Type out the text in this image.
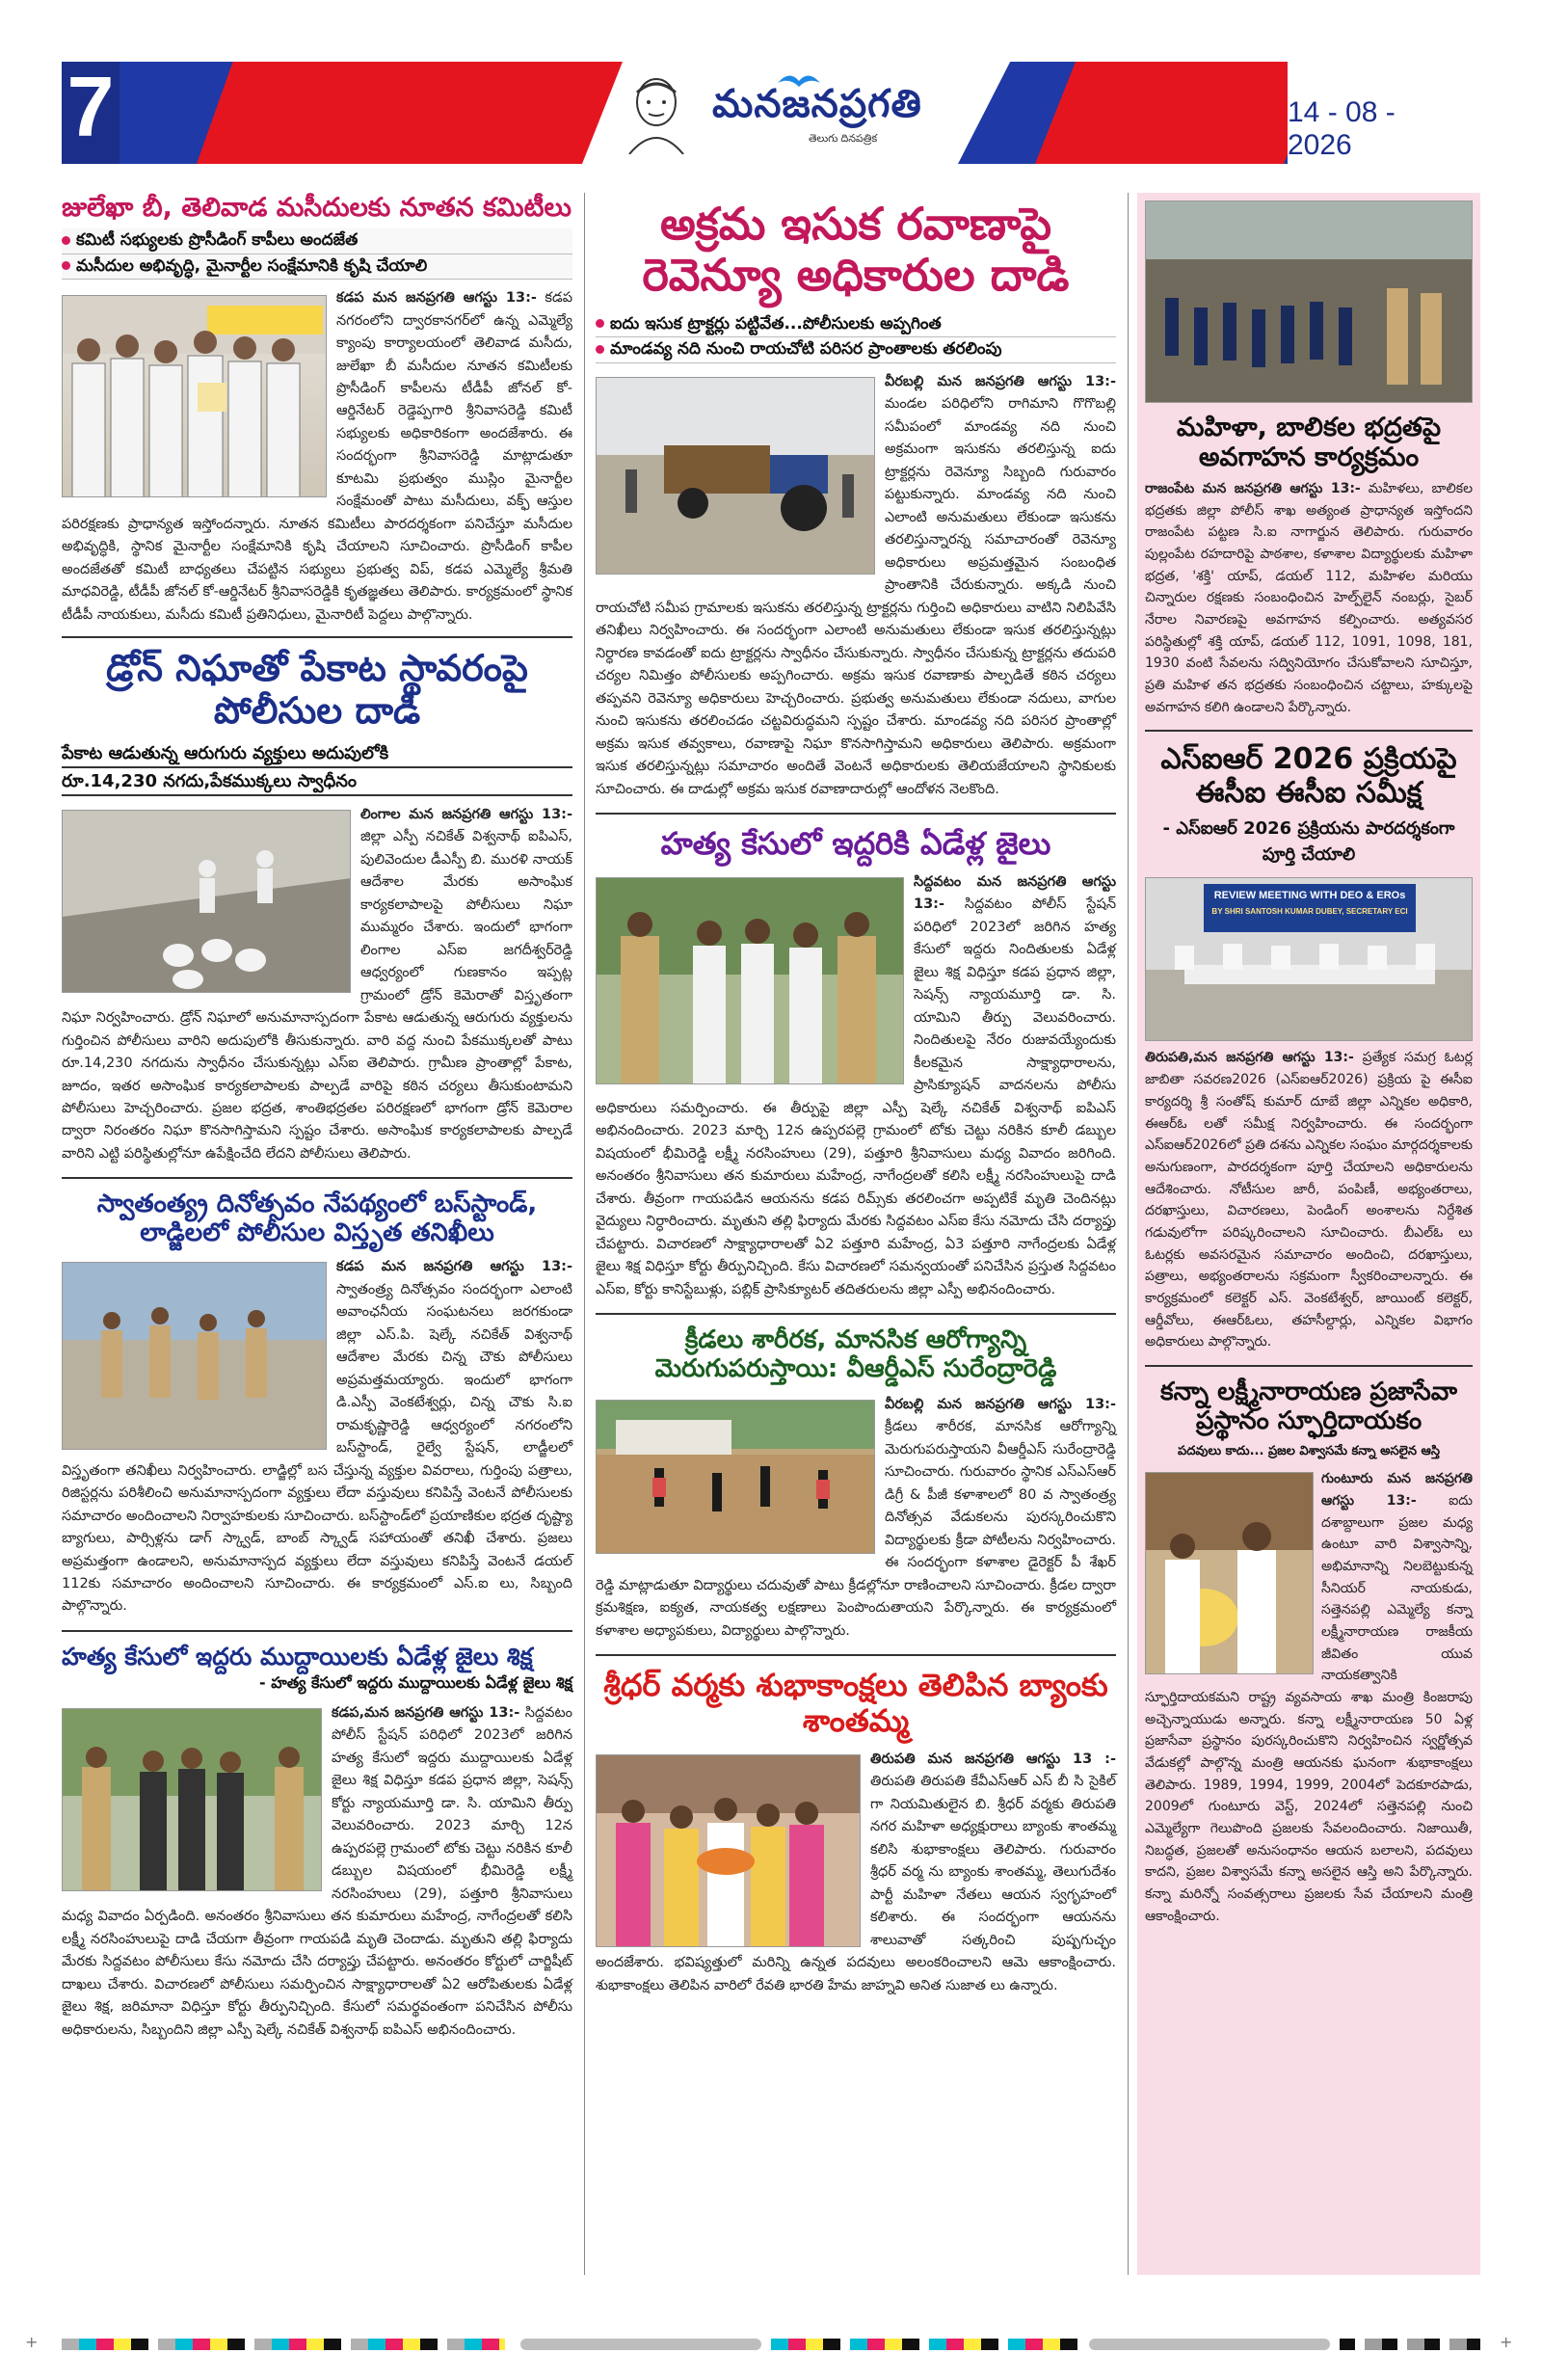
7	మనజనప్రగతి
తెలుగు దినపత్రిక
14 - 08 - 2026
జులేఖా బీ, తెలివాడ మసీదులకు నూతన కమిటీలు
కమిటీ సభ్యులకు ప్రొసీడింగ్ కాపీలు అందజేత
మసీదుల అభివృద్ధి, మైనార్టీల సంక్షేమానికి కృషి చేయాలి
కడప మన జనప్రగతి ఆగస్టు 13:- కడప నగరంలోని ద్వారకానగర్‌లో ఉన్న ఎమ్మెల్యే క్యాంపు కార్యాలయంలో తెలివాడ మసీదు, జులేఖా బీ మసీదుల నూతన కమిటీలకు ప్రొసీడింగ్ కాపీలను టీడీపీ జోనల్ కో-ఆర్డినేటర్ రెడ్డెప్పగారి శ్రీనివాసరెడ్డి కమిటీ సభ్యులకు అధికారికంగా అందజేశారు. ఈ సందర్భంగా శ్రీనివాసరెడ్డి మాట్లాడుతూ కూటమి ప్రభుత్వం ముస్లిం మైనార్టీల సంక్షేమంతో పాటు మసీదులు, వక్ఫ్ ఆస్తుల పరిరక్షణకు ప్రాధాన్యత ఇస్తోందన్నారు. నూతన కమిటీలు పారదర్శకంగా పనిచేస్తూ మసీదుల అభివృద్ధికి, స్థానిక మైనార్టీల సంక్షేమానికి కృషి చేయాలని సూచించారు. ప్రొసీడింగ్ కాపీల అందజేతతో కమిటీ బాధ్యతలు చేపట్టిన సభ్యులు ప్రభుత్వ విప్, కడప ఎమ్మెల్యే శ్రీమతి మాధవిరెడ్డి, టీడీపీ జోనల్ కో-ఆర్డినేటర్ శ్రీనివాసరెడ్డికి కృతజ్ఞతలు తెలిపారు. కార్యక్రమంలో స్థానిక టీడీపీ నాయకులు, మసీదు కమిటీ ప్రతినిధులు, మైనారిటీ పెద్దలు పాల్గొన్నారు.
డ్రోన్ నిఘాతో పేకాట స్థావరంపై పోలీసుల దాడి
పేకాట ఆడుతున్న ఆరుగురు వ్యక్తులు అదుపులోకి
రూ.14,230 నగదు,పేకముక్కలు స్వాధీనం
లింగాల మన జనప్రగతి ఆగస్టు 13:- జిల్లా ఎస్పీ నచికేత్ విశ్వనాథ్ ఐపిఎస్, పులివెందుల డీఎస్పీ బి. మురళి నాయక్ ఆదేశాల మేరకు అసాంఘిక కార్యకలాపాలపై పోలీసులు నిఘా ముమ్మరం చేశారు. ఇందులో భాగంగా లింగాల ఎస్ఐ జగదీశ్వర్‌రెడ్డి ఆధ్వర్యంలో గుణకానం ఇప్పట్ల గ్రామంలో డ్రోన్ కెమెరాతో విస్తృతంగా నిఘా నిర్వహించారు. డ్రోన్ నిఘాలో అనుమానాస్పదంగా పేకాట ఆడుతున్న ఆరుగురు వ్యక్తులను గుర్తించిన పోలీసులు వారిని అదుపులోకి తీసుకున్నారు. వారి వద్ద నుంచి పేకముక్కలతో పాటు రూ.14,230 నగదును స్వాధీనం చేసుకున్నట్లు ఎస్ఐ తెలిపారు. గ్రామీణ ప్రాంతాల్లో పేకాట, జూదం, ఇతర అసాంఘిక కార్యకలాపాలకు పాల్పడే వారిపై కఠిన చర్యలు తీసుకుంటామని పోలీసులు హెచ్చరించారు. ప్రజల భద్రత, శాంతిభద్రతల పరిరక్షణలో భాగంగా డ్రోన్ కెమెరాల ద్వారా నిరంతరం నిఘా కొనసాగిస్తామని స్పష్టం చేశారు. అసాంఘిక కార్యకలాపాలకు పాల్పడే వారిని ఎట్టి పరిస్థితుల్లోనూ ఉపేక్షించేది లేదని పోలీసులు తెలిపారు.
స్వాతంత్య్ర దినోత్సవం నేపథ్యంలో బస్‌స్టాండ్, లాడ్జిలలో పోలీసుల విస్తృత తనిఖీలు
కడప మన జనప్రగతి ఆగస్టు 13:- స్వాతంత్ర్య దినోత్సవం సందర్భంగా ఎలాంటి అవాంఛనీయ సంఘటనలు జరగకుండా జిల్లా ఎస్.పి. షెల్కే నచికేత్ విశ్వనాథ్ ఆదేశాల మేరకు చిన్న చౌకు పోలీసులు అప్రమత్తమయ్యారు. ఇందులో భాగంగా డి.ఎస్పీ వెంకటేశ్వర్లు, చిన్న చౌకు సి.ఐ రామకృష్ణారెడ్డి ఆధ్వర్యంలో నగరంలోని బస్‌స్టాండ్, రైల్వే స్టేషన్, లాడ్జీలలో విస్తృతంగా తనిఖీలు నిర్వహించారు. లాడ్జిల్లో బస చేస్తున్న వ్యక్తుల వివరాలు, గుర్తింపు పత్రాలు, రిజిస్టర్లను పరిశీలించి అనుమానాస్పదంగా వ్యక్తులు లేదా వస్తువులు కనిపిస్తే వెంటనే పోలీసులకు సమాచారం అందించాలని నిర్వాహకులకు సూచించారు. బస్‌స్టాండ్‌లో ప్రయాణికుల భద్రత దృష్ట్యా బ్యాగులు, పార్సిళ్లను డాగ్ స్క్వాడ్, బాంబ్ స్క్వాడ్ సహాయంతో తనిఖీ చేశారు. ప్రజలు అప్రమత్తంగా ఉండాలని, అనుమానాస్పద వ్యక్తులు లేదా వస్తువులు కనిపిస్తే వెంటనే డయల్ 112కు సమాచారం అందించాలని సూచించారు. ఈ కార్యక్రమంలో ఎస్.ఐ లు, సిబ్బంది పాల్గొన్నారు.
హత్య కేసులో ఇద్దరు ముద్దాయిలకు ఏడేళ్ల జైలు శిక్ష
- హత్య కేసులో ఇద్దరు ముద్దాయిలకు ఏడేళ్ల జైలు శిక్ష
కడప,మన జనప్రగతి ఆగస్టు 13:- సిద్దవటం పోలీస్ స్టేషన్ పరిధిలో 2023లో జరిగిన హత్య కేసులో ఇద్దరు ముద్దాయిలకు ఏడేళ్ల జైలు శిక్ష విధిస్తూ కడప ప్రధాన జిల్లా, సెషన్స్ కోర్టు న్యాయమూర్తి డా. సి. యామిని తీర్పు వెలువరించారు. 2023 మార్చి 12న ఉప్పరపల్లె గ్రామంలో టోకు చెట్టు నరికిన కూలీ డబ్బుల విషయంలో భీమిరెడ్డి లక్ష్మీ నరసింహులు (29), పత్తూరి శ్రీనివాసులు మధ్య వివాదం ఏర్పడింది. అనంతరం శ్రీనివాసులు తన కుమారులు మహేంద్ర, నాగేంద్రలతో కలిసి లక్ష్మీ నరసింహులుపై దాడి చేయగా తీవ్రంగా గాయపడి మృతి చెందాడు. మృతుని తల్లి ఫిర్యాదు మేరకు సిద్దవటం పోలీసులు కేసు నమోదు చేసి దర్యాప్తు చేపట్టారు. అనంతరం కోర్టులో చార్జిషీట్ దాఖలు చేశారు. విచారణలో పోలీసులు సమర్పించిన సాక్ష్యాధారాలతో ఏ2 ఆరోపితులకు ఏడేళ్ల జైలు శిక్ష, జరిమానా విధిస్తూ కోర్టు తీర్పునిచ్చింది. కేసులో సమర్థవంతంగా పనిచేసిన పోలీసు అధికారులను, సిబ్బందిని జిల్లా ఎస్పీ షెల్కే నచికేత్ విశ్వనాథ్ ఐపిఎస్ అభినందించారు.
అక్రమ ఇసుక రవాణాపై రెవెన్యూ అధికారుల దాడి
ఐదు ఇసుక ట్రాక్టర్లు పట్టివేత...పోలీసులకు అప్పగింత
మాండవ్య నది నుంచి రాయచోటి పరిసర ప్రాంతాలకు తరలింపు
వీరబల్లి మన జనప్రగతి ఆగస్టు 13:- మండల పరిధిలోని రాగిమాని గొగొబల్లి సమీపంలో మాండవ్య నది నుంచి అక్రమంగా ఇసుకను తరలిస్తున్న ఐదు ట్రాక్టర్లను రెవెన్యూ సిబ్బంది గురువారం పట్టుకున్నారు. మాండవ్య నది నుంచి ఎలాంటి అనుమతులు లేకుండా ఇసుకను తరలిస్తున్నారన్న సమాచారంతో రెవెన్యూ అధికారులు అప్రమత్తమైన సంబంధిత ప్రాంతానికి చేరుకున్నారు. అక్కడి నుంచి రాయచోటి సమీప గ్రామాలకు ఇసుకను తరలిస్తున్న ట్రాక్టర్లను గుర్తించి అధికారులు వాటిని నిలిపివేసి తనిఖీలు నిర్వహించారు. ఈ సందర్భంగా ఎలాంటి అనుమతులు లేకుండా ఇసుక తరలిస్తున్నట్లు నిర్ధారణ కావడంతో ఐదు ట్రాక్టర్లను స్వాధీనం చేసుకున్నారు. స్వాధీనం చేసుకున్న ట్రాక్టర్లను తదుపరి చర్యల నిమిత్తం పోలీసులకు అప్పగించారు. అక్రమ ఇసుక రవాణాకు పాల్పడితే కఠిన చర్యలు తప్పవని రెవెన్యూ అధికారులు హెచ్చరించారు. ప్రభుత్వ అనుమతులు లేకుండా నదులు, వాగుల నుంచి ఇసుకను తరలించడం చట్టవిరుద్ధమని స్పష్టం చేశారు. మాండవ్య నది పరిసర ప్రాంతాల్లో అక్రమ ఇసుక తవ్వకాలు, రవాణాపై నిఘా కొనసాగిస్తామని అధికారులు తెలిపారు. అక్రమంగా ఇసుక తరలిస్తున్నట్లు సమాచారం అందితే వెంటనే అధికారులకు తెలియజేయాలని స్థానికులకు సూచించారు. ఈ దాడుల్లో అక్రమ ఇసుక రవాణాదారుల్లో ఆందోళన నెలకొంది.
హత్య కేసులో ఇద్దరికి ఏడేళ్ల జైలు
సిద్దవటం మన జనప్రగతి ఆగస్టు 13:- సిద్దవటం పోలీస్ స్టేషన్ పరిధిలో 2023లో జరిగిన హత్య కేసులో ఇద్దరు నిందితులకు ఏడేళ్ల జైలు శిక్ష విధిస్తూ కడప ప్రధాన జిల్లా, సెషన్స్ న్యాయమూర్తి డా. సి. యామిని తీర్పు వెలువరించారు. నిందితులపై నేరం రుజువయ్యేందుకు కీలకమైన సాక్ష్యాధారాలను, ప్రాసిక్యూషన్ వాదనలను పోలీసు అధికారులు సమర్పించారు. ఈ తీర్పుపై జిల్లా ఎస్పీ షెల్కే నచికేత్ విశ్వనాథ్ ఐపిఎస్ అభినందించారు. 2023 మార్చి 12న ఉప్పరపల్లె గ్రామంలో టోకు చెట్టు నరికిన కూలీ డబ్బుల విషయంలో భీమిరెడ్డి లక్ష్మీ నరసింహులు (29), పత్తూరి శ్రీనివాసులు మధ్య వివాదం జరిగింది. అనంతరం శ్రీనివాసులు తన కుమారులు మహేంద్ర, నాగేంద్రలతో కలిసి లక్ష్మీ నరసింహులుపై దాడి చేశారు. తీవ్రంగా గాయపడిన ఆయనను కడప రిమ్స్‌కు తరలించగా అప్పటికే మృతి చెందినట్లు వైద్యులు నిర్ధారించారు. మృతుని తల్లి ఫిర్యాదు మేరకు సిద్దవటం ఎస్ఐ కేసు నమోదు చేసి దర్యాప్తు చేపట్టారు. విచారణలో సాక్ష్యాధారాలతో ఏ2 పత్తూరి మహేంద్ర, ఏ3 పత్తూరి నాగేంద్రలకు ఏడేళ్ల జైలు శిక్ష విధిస్తూ కోర్టు తీర్పునిచ్చింది. కేసు విచారణలో సమన్వయంతో పనిచేసిన ప్రస్తుత సిద్దవటం ఎస్ఐ, కోర్టు కానిస్టేబుళ్లు, పబ్లిక్ ప్రాసిక్యూటర్ తదితరులను జిల్లా ఎస్పీ అభినందించారు.
క్రీడలు శారీరక, మానసిక ఆరోగ్యాన్ని మెరుగుపరుస్తాయి: వీఆర్డీఎస్ సురేంద్రారెడ్డి
వీరబల్లి మన జనప్రగతి ఆగస్టు 13:- క్రీడలు శారీరక, మానసిక ఆరోగ్యాన్ని మెరుగుపరుస్తాయని వీఆర్డీఎస్ సురేంద్రారెడ్డి సూచించారు. గురువారం స్థానిక ఎస్ఎస్ఆర్ డిగ్రీ & పీజీ కళాశాలలో 80 వ స్వాతంత్ర్య దినోత్సవ వేడుకలను పురస్కరించుకొని విద్యార్థులకు క్రీడా పోటీలను నిర్వహించారు. ఈ సందర్భంగా కళాశాల డైరెక్టర్ పీ శేఖర్ రెడ్డి మాట్లాడుతూ విద్యార్థులు చదువుతో పాటు క్రీడల్లోనూ రాణించాలని సూచించారు. క్రీడల ద్వారా క్రమశిక్షణ, ఐక్యత, నాయకత్వ లక్షణాలు పెంపొందుతాయని పేర్కొన్నారు. ఈ కార్యక్రమంలో కళాశాల అధ్యాపకులు, విద్యార్థులు పాల్గొన్నారు.
శ్రీధర్ వర్మకు శుభాకాంక్షలు తెలిపిన బ్యాంకు శాంతమ్మ
తిరుపతి మన జనప్రగతి ఆగస్టు 13 :- తిరుపతి తిరుపతి కేవీఎస్ఆర్ ఎస్ బీ సి సైకిల్ గా నియమితులైన బి. శ్రీధర్ వర్మకు తిరుపతి నగర మహిళా అధ్యక్షురాలు బ్యాంకు శాంతమ్మ కలిసి శుభాకాంక్షలు తెలిపారు. గురువారం శ్రీధర్ వర్మ ను బ్యాంకు శాంతమ్మ, తెలుగుదేశం పార్టీ మహిళా నేతలు ఆయన స్వగృహంలో కలిశారు. ఈ సందర్భంగా ఆయనను శాలువాతో సత్కరించి పుష్పగుచ్ఛం అందజేశారు. భవిష్యత్తులో మరిన్ని ఉన్నత పదవులు అలంకరించాలని ఆమె ఆకాంక్షించారు. శుభాకాంక్షలు తెలిపిన వారిలో రేవతి భారతి హేమ జాహ్నవి అనిత సుజాత లు ఉన్నారు.
మహిళా, బాలికల భద్రతపై అవగాహన కార్యక్రమం
రాజంపేట మన జనప్రగతి ఆగస్టు 13:- మహిళలు, బాలికల భద్రతకు జిల్లా పోలీస్ శాఖ అత్యంత ప్రాధాన్యత ఇస్తోందని రాజంపేట పట్టణ సి.ఐ నాగార్జున తెలిపారు. గురువారం పుల్లంపేట రహదారిపై పాఠశాల, కళాశాల విద్యార్థులకు మహిళా భద్రత, 'శక్తి' యాప్, డయల్ 112, మహిళల మరియు చిన్నారుల రక్షణకు సంబంధించిన హెల్ప్‌లైన్ నంబర్లు, సైబర్ నేరాల నివారణపై అవగాహన కల్పించారు. అత్యవసర పరిస్థితుల్లో శక్తి యాప్, డయల్ 112, 1091, 1098, 181, 1930 వంటి సేవలను సద్వినియోగం చేసుకోవాలని సూచిస్తూ, ప్రతి మహిళ తన భద్రతకు సంబంధించిన చట్టాలు, హక్కులపై అవగాహన కలిగి ఉండాలని పేర్కొన్నారు.
ఎస్ఐఆర్ 2026 ప్రక్రియపై ఈసీఐ ఈసీఐ సమీక్ష
- ఎస్ఐఆర్ 2026 ప్రక్రియను పారదర్శకంగా పూర్తి చేయాలి
REVIEW MEETING WITH DEO & EROs
BY SHRI SANTOSH KUMAR DUBEY, SECRETARY ECI
తిరుపతి,మన జనప్రగతి ఆగస్టు 13:- ప్రత్యేక సమగ్ర ఓటర్ల జాబితా సవరణ2026 (ఎస్ఐఆర్2026) ప్రక్రియ పై ఈసీఐ కార్యదర్శి శ్రీ సంతోష్ కుమార్ దూబే జిల్లా ఎన్నికల అధికారి, ఈఆర్ఓ లతో సమీక్ష నిర్వహించారు. ఈ సందర్భంగా ఎస్ఐఆర్2026లో ప్రతి దశను ఎన్నికల సంఘం మార్గదర్శకాలకు అనుగుణంగా, పారదర్శకంగా పూర్తి చేయాలని అధికారులను ఆదేశించారు. నోటీసుల జారీ, పంపిణీ, అభ్యంతరాలు, దరఖాస్తులు, విచారణలు, పెండింగ్ అంశాలను నిర్దేశిత గడువులోగా పరిష్కరించాలని సూచించారు. బీఎల్ఓ లు ఓటర్లకు అవసరమైన సమాచారం అందించి, దరఖాస్తులు, పత్రాలు, అభ్యంతరాలను సక్రమంగా స్వీకరించాలన్నారు. ఈ కార్యక్రమంలో కలెక్టర్ ఎస్. వెంకటేశ్వర్, జాయింట్ కలెక్టర్, ఆర్డీవోలు, ఈఆర్ఓలు, తహసీల్దార్లు, ఎన్నికల విభాగం అధికారులు పాల్గొన్నారు.
కన్నా లక్ష్మీనారాయణ ప్రజాసేవా ప్రస్థానం స్ఫూర్తిదాయకం
పదవులు కాదు... ప్రజల విశ్వాసమే కన్నా అసలైన ఆస్తి
గుంటూరు మన జనప్రగతి ఆగస్టు 13:- ఐదు దశాబ్దాలుగా ప్రజల మధ్య ఉంటూ వారి విశ్వాసాన్ని, అభిమానాన్ని నిలబెట్టుకున్న సీనియర్ నాయకుడు, సత్తెనపల్లి ఎమ్మెల్యే కన్నా లక్ష్మీనారాయణ రాజకీయ జీవితం యువ నాయకత్వానికి స్ఫూర్తిదాయకమని రాష్ట్ర వ్యవసాయ శాఖ మంత్రి కింజరాపు అచ్చెన్నాయుడు అన్నారు. కన్నా లక్ష్మీనారాయణ 50 ఏళ్ల ప్రజాసేవా ప్రస్థానం పురస్కరించుకొని నిర్వహించిన స్వర్ణోత్సవ వేడుకల్లో పాల్గొన్న మంత్రి ఆయనకు ఘనంగా శుభాకాంక్షలు తెలిపారు. 1989, 1994, 1999, 2004లో పెదకూరపాడు, 2009లో గుంటూరు వెస్ట్, 2024లో సత్తెనపల్లి నుంచి ఎమ్మెల్యేగా గెలుపొంది ప్రజలకు సేవలందించారు. నిజాయితీ, నిబద్ధత, ప్రజలతో అనుసంధానం ఆయన బలాలని, పదవులు కాదని, ప్రజల విశ్వాసమే కన్నా అసలైన ఆస్తి అని పేర్కొన్నారు. కన్నా మరిన్నో సంవత్సరాలు ప్రజలకు సేవ చేయాలని మంత్రి ఆకాంక్షించారు.
+	+
